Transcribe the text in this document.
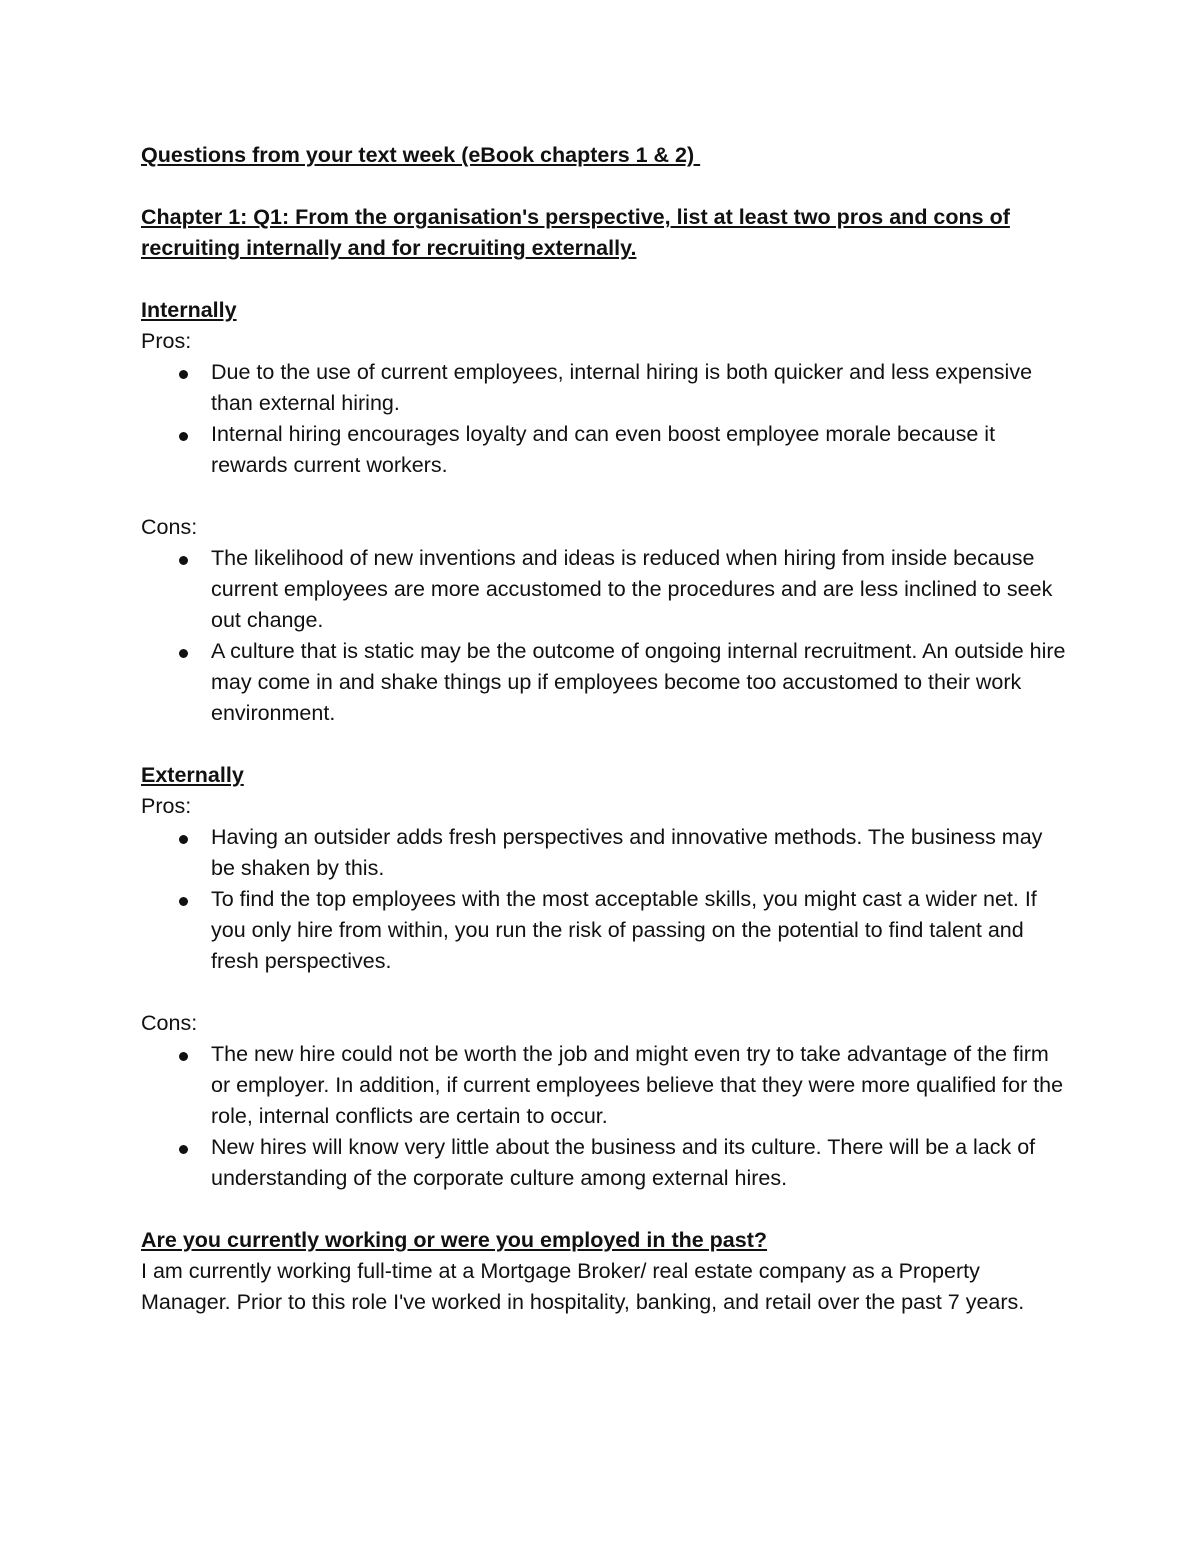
Questions from your text week (eBook chapters 1 & 2)
Chapter 1: Q1: From the organisation's perspective, list at least two pros and cons of recruiting internally and for recruiting externally.
Internally
Pros:
Due to the use of current employees, internal hiring is both quicker and less expensive than external hiring.
Internal hiring encourages loyalty and can even boost employee morale because it rewards current workers.
Cons:
The likelihood of new inventions and ideas is reduced when hiring from inside because current employees are more accustomed to the procedures and are less inclined to seek out change.
A culture that is static may be the outcome of ongoing internal recruitment. An outside hire may come in and shake things up if employees become too accustomed to their work environment.
Externally
Pros:
Having an outsider adds fresh perspectives and innovative methods. The business may be shaken by this.
To find the top employees with the most acceptable skills, you might cast a wider net. If you only hire from within, you run the risk of passing on the potential to find talent and fresh perspectives.
Cons:
The new hire could not be worth the job and might even try to take advantage of the firm or employer. In addition, if current employees believe that they were more qualified for the role, internal conflicts are certain to occur.
New hires will know very little about the business and its culture. There will be a lack of understanding of the corporate culture among external hires.
Are you currently working or were you employed in the past?

I am currently working full-time at a Mortgage Broker/ real estate company as a Property Manager. Prior to this role I've worked in hospitality, banking, and retail over the past 7 years.
